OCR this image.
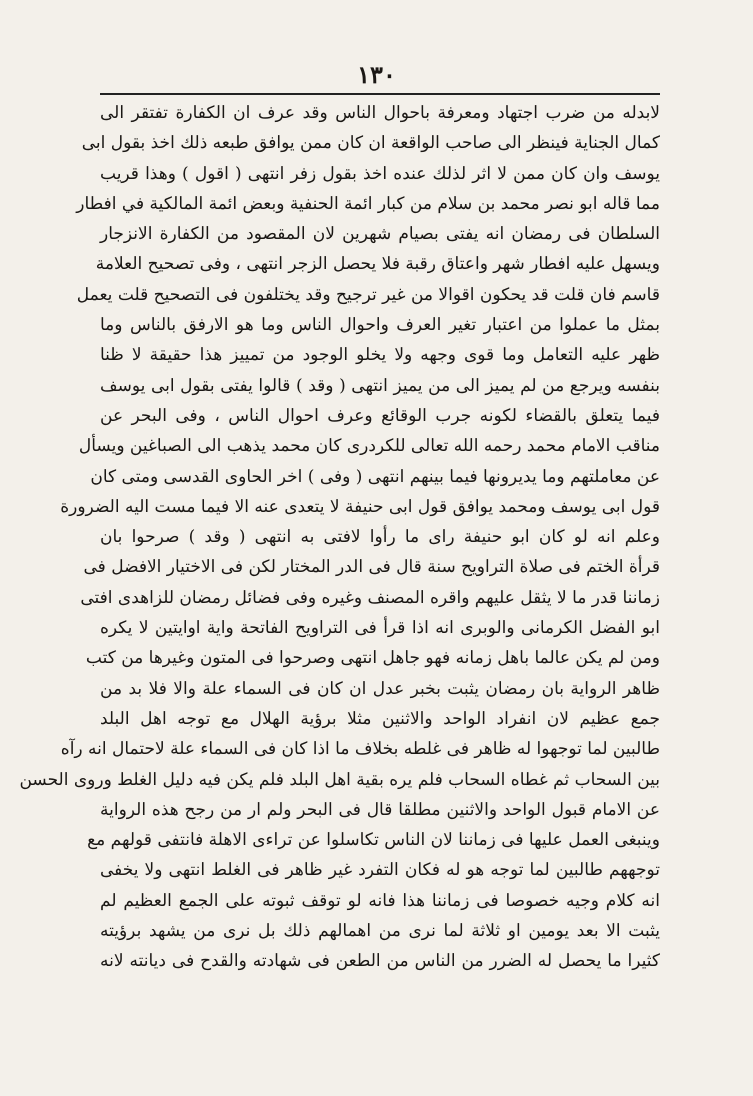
١٣٠
لابدله من ضرب اجتهاد ومعرفة باحوال الناس وقد عرف ان الكفارة تفتقر الى
كمال الجناية فينظر الى صاحب الواقعة ان كان ممن يوافق طبعه ذلك اخذ بقول ابى
يوسف وان كان ممن لا اثر لذلك عنده اخذ بقول زفر انتهى ( اقول ) وهذا قريب
مما قاله ابو نصر محمد بن سلام من كبار ائمة الحنفية وبعض ائمة المالكية في افطار
السلطان فى رمضان انه يفتى بصيام شهرين لان المقصود من الكفارة الانزجار
ويسهل عليه افطار شهر واعتاق رقبة فلا يحصل الزجر انتهى ، وفى تصحيح العلامة
قاسم فان قلت قد يحكون اقوالا من غير ترجيح وقد يختلفون فى التصحيح قلت يعمل
بمثل ما عملوا من اعتبار تغير العرف واحوال الناس وما هو الارفق بالناس وما
ظهر عليه التعامل وما قوى وجهه ولا يخلو الوجود من تمييز هذا حقيقة لا ظنا
بنفسه ويرجع من لم يميز الى من يميز انتهى ( وقد ) قالوا يفتى بقول ابى يوسف
فيما يتعلق بالقضاء لكونه جرب الوقائع وعرف احوال الناس ، وفى البحر عن
مناقب الامام محمد رحمه الله تعالى للكردرى كان محمد يذهب الى الصباغين ويسأل
عن معاملتهم وما يديرونها فيما بينهم انتهى ( وفى ) اخر الحاوى القدسى ومتى كان
قول ابى يوسف ومحمد يوافق قول ابى حنيفة لا يتعدى عنه الا فيما مست اليه الضرورة
وعلم انه لو كان ابو حنيفة راى ما رأوا لافتى به انتهى ( وقد ) صرحوا بان
قرأة الختم فى صلاة التراويح سنة قال فى الدر المختار لكن فى الاختيار الافضل فى
زماننا قدر ما لا يثقل عليهم واقره المصنف وغيره وفى فضائل رمضان للزاهدى افتى
ابو الفضل الكرمانى والوبرى انه اذا قرأ فى التراويح الفاتحة واية اوايتين لا يكره
ومن لم يكن عالما باهل زمانه فهو جاهل انتهى وصرحوا فى المتون وغيرها من كتب
ظاهر الرواية بان رمضان يثبت بخبر عدل ان كان فى السماء علة والا فلا بد من
جمع عظيم لان انفراد الواحد والاثنين مثلا برؤية الهلال مع توجه اهل البلد
طالبين لما توجهوا له ظاهر فى غلطه بخلاف ما اذا كان فى السماء علة لاحتمال انه رآه
بين السحاب ثم غطاه السحاب فلم يره بقية اهل البلد فلم يكن فيه دليل الغلط وروى الحسن
عن الامام قبول الواحد والاثنين مطلقا قال فى البحر ولم ار من رجح هذه الرواية
وينبغى العمل عليها فى زماننا لان الناس تكاسلوا عن تراءى الاهلة فانتفى قولهم مع
توجههم طالبين لما توجه هو له فكان التفرد غير ظاهر فى الغلط انتهى ولا يخفى
انه كلام وجيه خصوصا فى زماننا هذا فانه لو توقف ثبوته على الجمع العظيم لم
يثبت الا بعد يومين او ثلاثة لما نرى من اهمالهم ذلك بل نرى من يشهد برؤيته
كثيرا ما يحصل له الضرر من الناس من الطعن فى شهادته والقدح فى ديانته لانه
